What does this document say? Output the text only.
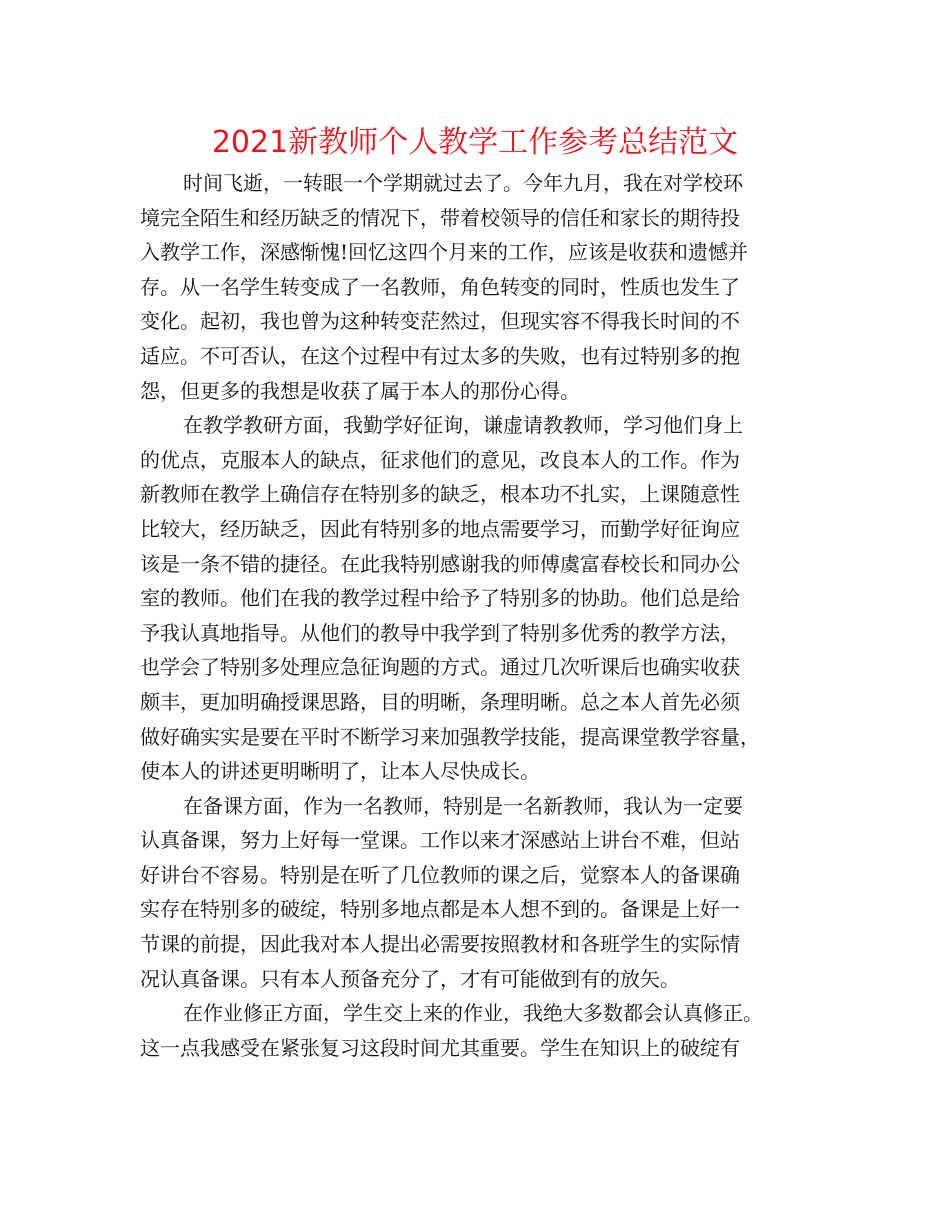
2021新教师个人教学工作参考总结范文

时间飞逝，一转眼一个学期就过去了。今年九月，我在对学校环
境完全陌生和经历缺乏的情况下，带着校领导的信任和家长的期待投
入教学工作，深感惭愧!回忆这四个月来的工作，应该是收获和遗憾并
存。从一名学生转变成了一名教师，角色转变的同时，性质也发生了
变化。起初，我也曾为这种转变茫然过，但现实容不得我长时间的不
适应。不可否认，在这个过程中有过太多的失败，也有过特别多的抱
怨，但更多的我想是收获了属于本人的那份心得。

在教学教研方面，我勤学好征询，谦虚请教教师，学习他们身上
的优点，克服本人的缺点，征求他们的意见，改良本人的工作。作为
新教师在教学上确信存在特别多的缺乏，根本功不扎实，上课随意性
比较大，经历缺乏，因此有特别多的地点需要学习，而勤学好征询应
该是一条不错的捷径。在此我特别感谢我的师傅虞富春校长和同办公
室的教师。他们在我的教学过程中给予了特别多的协助。他们总是给
予我认真地指导。从他们的教导中我学到了特别多优秀的教学方法，
也学会了特别多处理应急征询题的方式。通过几次听课后也确实收获
颇丰，更加明确授课思路，目的明晰，条理明晰。总之本人首先必须
做好确实实是要在平时不断学习来加强教学技能，提高课堂教学容量，
使本人的讲述更明晰明了，让本人尽快成长。

在备课方面，作为一名教师，特别是一名新教师，我认为一定要
认真备课，努力上好每一堂课。工作以来才深感站上讲台不难，但站
好讲台不容易。特别是在听了几位教师的课之后，觉察本人的备课确
实存在特别多的破绽，特别多地点都是本人想不到的。备课是上好一
节课的前提，因此我对本人提出必需要按照教材和各班学生的实际情
况认真备课。只有本人预备充分了，才有可能做到有的放矢。

在作业修正方面，学生交上来的作业，我绝大多数都会认真修正。
这一点我感受在紧张复习这段时间尤其重要。学生在知识上的破绽有
